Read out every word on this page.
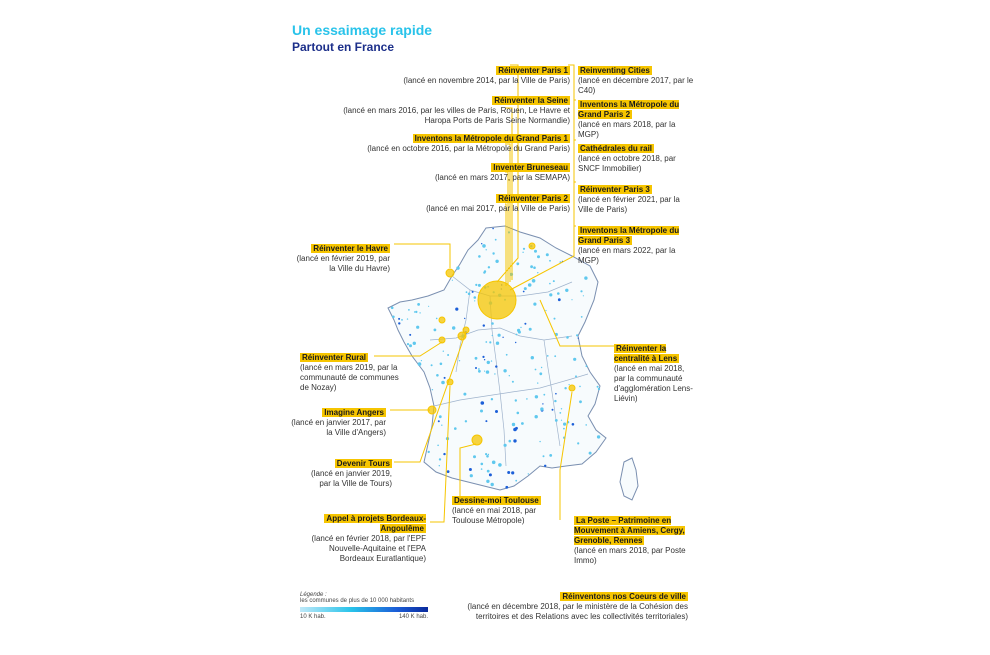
Un essaimage rapide
Partout en France
Réinventer Paris 1
(lancé en novembre 2014, par la Ville de Paris)
Réinventer la Seine
(lancé en mars 2016, par les villes de Paris, Rouen, Le Havre et Haropa Ports de Paris Seine Normandie)
Inventons la Métropole du Grand Paris 1
(lancé en octobre 2016, par la Métropole du Grand Paris)
Inventer Bruneseau
(lancé en mars 2017, par la SEMAPA)
Réinventer Paris 2
(lancé en mai 2017, par la Ville de Paris)
Reinventing Cities
(lancé en décembre 2017, par le C40)
Inventons la Métropole du Grand Paris 2
(lancé en mars 2018, par la MGP)
Cathédrales du rail
(lancé en octobre 2018, par SNCF Immobilier)
Réinventer Paris 3
(lancé en février 2021, par la Ville de Paris)
Inventons la Métropole du Grand Paris 3
(lancé en mars 2022, par la MGP)
Réinventer le Havre
(lancé en février 2019, par la Ville du Havre)
Réinventer Rural
(lancé en mars 2019, par la communauté de communes de Nozay)
Imagine Angers
(lancé en janvier 2017, par la Ville d'Angers)
Devenir Tours
(lancé en janvier 2019, par la Ville de Tours)
Appel à projets Bordeaux-Angoulême
(lancé en février 2018, par l'EPF Nouvelle-Aquitaine et l'EPA Bordeaux Euratlantique)
Dessine-moi Toulouse
(lancé en mai 2018, par Toulouse Métropole)
Réinventer la centralité à Lens
(lancé en mai 2018, par la communauté d'agglomération Lens-Liévin)
La Poste – Patrimoine en Mouvement à Amiens, Cergy, Grenoble, Rennes
(lancé en mars 2018, par Poste Immo)
Réinventons nos Coeurs de ville
(lancé en décembre 2018, par le ministère de la Cohésion des territoires et des Relations avec les collectivités territoriales)
Légende :
les communes de plus de 10 000 habitants
10 K hab.	140 K hab.
